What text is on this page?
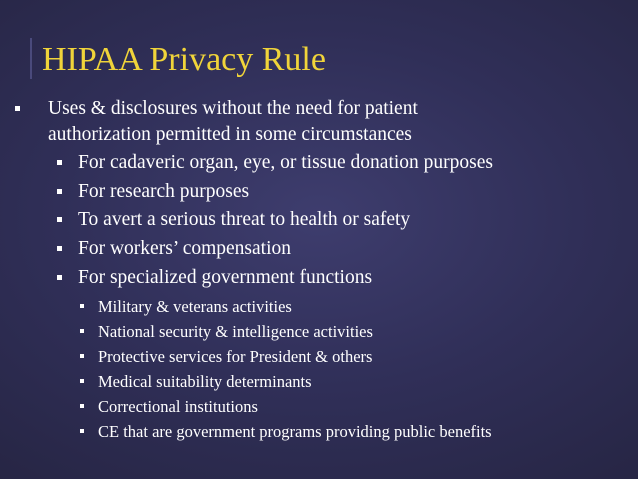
HIPAA Privacy Rule
Uses & disclosures without the need for patient
authorization permitted in some circumstances
For cadaveric organ, eye, or tissue donation purposes
For research purposes
To avert a serious threat to health or safety
For workers’ compensation
For specialized government functions
Military & veterans activities
National security & intelligence activities
Protective services for President & others
Medical suitability determinants
Correctional institutions
CE that are government programs providing public benefits
